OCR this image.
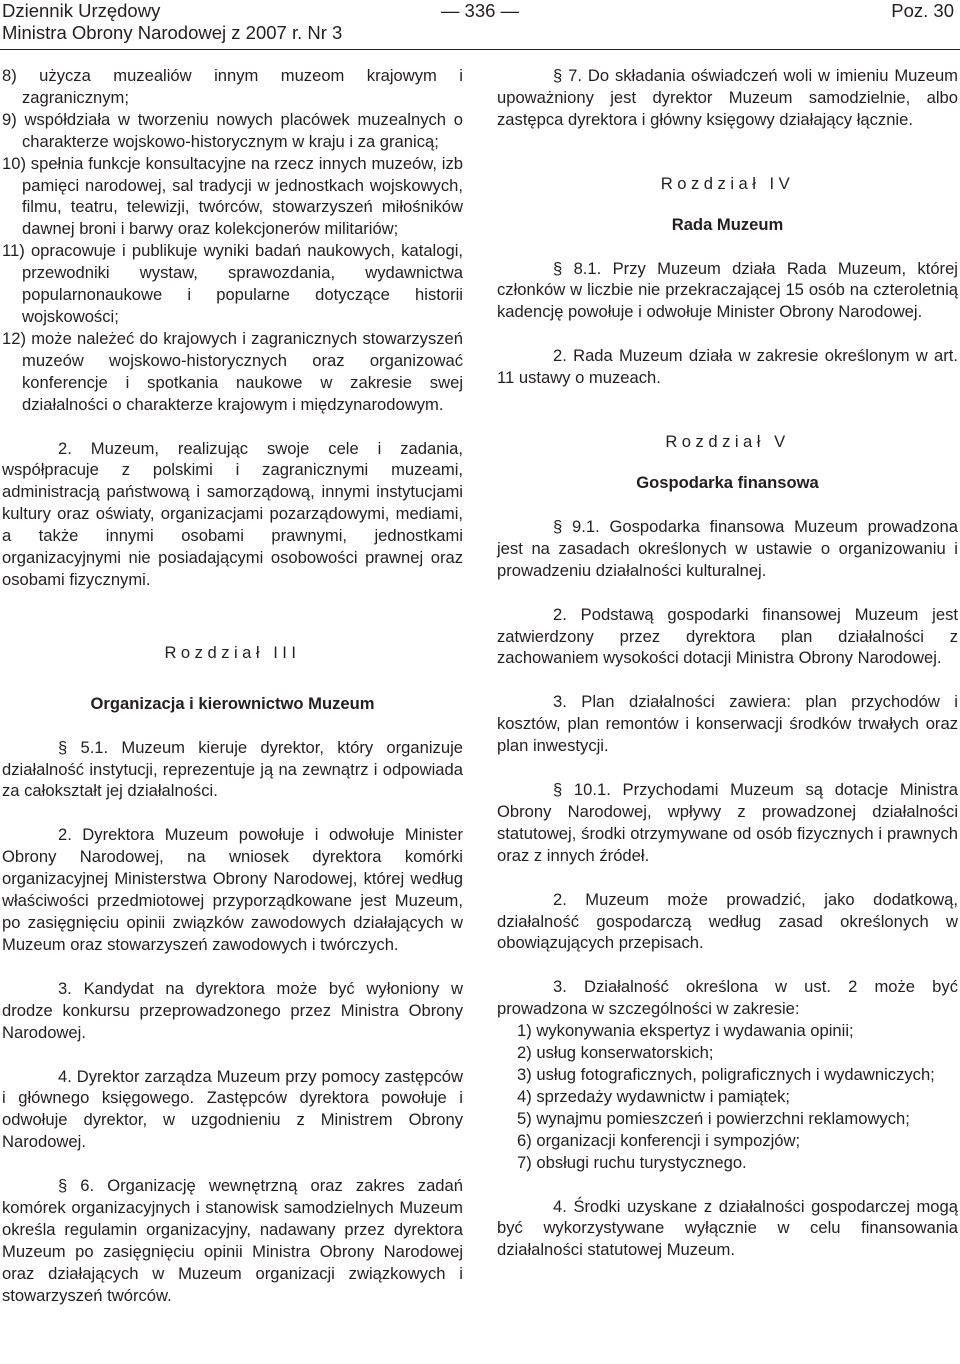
Dziennik Urzędowy
Ministra Obrony Narodowej z 2007 r. Nr 3
— 336 —	Poz. 30

8) użycza muzealiów innym muzeom krajowym i zagranicznym;

9) współdziała w tworzeniu nowych placówek muzealnych o charakterze wojskowo-historycznym w kraju i za granicą;

10) spełnia funkcje konsultacyjne na rzecz innych muzeów, izb pamięci narodowej, sal tradycji w jednostkach wojskowych, filmu, teatru, telewizji, twórców, stowarzyszeń miłośników dawnej broni i barwy oraz kolekcjonerów militariów;

11) opracowuje i publikuje wyniki badań naukowych, katalogi, przewodniki wystaw, sprawozdania, wydawnictwa popularnonaukowe i popularne dotyczące historii wojskowości;

12) może należeć do krajowych i zagranicznych stowarzyszeń muzeów wojskowo-historycznych oraz organizować konferencje i spotkania naukowe w zakresie swej działalności o charakterze krajowym i międzynarodowym.

2. Muzeum, realizując swoje cele i zadania, współpracuje z polskimi i zagranicznymi muzeami, administracją państwową i samorządową, innymi instytucjami kultury oraz oświaty, organizacjami pozarządowymi, mediami, a także innymi osobami prawnymi, jednostkami organizacyjnymi nie posiadającymi osobowości prawnej oraz osobami fizycznymi.

Rozdział III

Organizacja i kierownictwo Muzeum

§ 5.1. Muzeum kieruje dyrektor, który organizuje działalność instytucji, reprezentuje ją na zewnątrz i odpowiada za całokształt jej działalności.

2. Dyrektora Muzeum powołuje i odwołuje Minister Obrony Narodowej, na wniosek dyrektora komórki organizacyjnej Ministerstwa Obrony Narodowej, której według właściwości przedmiotowej przyporządkowane jest Muzeum, po zasięgnięciu opinii związków zawodowych działających w Muzeum oraz stowarzyszeń zawodowych i twórczych.

3. Kandydat na dyrektora może być wyłoniony w drodze konkursu przeprowadzonego przez Ministra Obrony Narodowej.

4. Dyrektor zarządza Muzeum przy pomocy zastępców i głównego księgowego. Zastępców dyrektora powołuje i odwołuje dyrektor, w uzgodnieniu z Ministrem Obrony Narodowej.

§ 6. Organizację wewnętrzną oraz zakres zadań komórek organizacyjnych i stanowisk samodzielnych Muzeum określa regulamin organizacyjny, nadawany przez dyrektora Muzeum po zasięgnięciu opinii Ministra Obrony Narodowej oraz działających w Muzeum organizacji związkowych i stowarzyszeń twórców.

§ 7. Do składania oświadczeń woli w imieniu Muzeum upoważniony jest dyrektor Muzeum samodzielnie, albo zastępca dyrektora i główny księgowy działający łącznie.

Rozdział IV

Rada Muzeum

§ 8.1. Przy Muzeum działa Rada Muzeum, której członków w liczbie nie przekraczającej 15 osób na czteroletnią kadencję powołuje i odwołuje Minister Obrony Narodowej.

2. Rada Muzeum działa w zakresie określonym w art. 11 ustawy o muzeach.

Rozdział V

Gospodarka finansowa

§ 9.1. Gospodarka finansowa Muzeum prowadzona jest na zasadach określonych w ustawie o organizowaniu i prowadzeniu działalności kulturalnej.

2. Podstawą gospodarki finansowej Muzeum jest zatwierdzony przez dyrektora plan działalności z zachowaniem wysokości dotacji Ministra Obrony Narodowej.

3. Plan działalności zawiera: plan przychodów i kosztów, plan remontów i konserwacji środków trwałych oraz plan inwestycji.

§ 10.1. Przychodami Muzeum są dotacje Ministra Obrony Narodowej, wpływy z prowadzonej działalności statutowej, środki otrzymywane od osób fizycznych i prawnych oraz z innych źródeł.

2. Muzeum może prowadzić, jako dodatkową, działalność gospodarczą według zasad określonych w obowiązujących przepisach.

3. Działalność określona w ust. 2 może być prowadzona w szczególności w zakresie:

1) wykonywania ekspertyz i wydawania opinii;

2) usług konserwatorskich;

3) usług fotograficznych, poligraficznych i wydawniczych;

4) sprzedaży wydawnictw i pamiątek;

5) wynajmu pomieszczeń i powierzchni reklamowych;

6) organizacji konferencji i sympozjów;

7) obsługi ruchu turystycznego.

4. Środki uzyskane z działalności gospodarczej mogą być wykorzystywane wyłącznie w celu finansowania działalności statutowej Muzeum.
